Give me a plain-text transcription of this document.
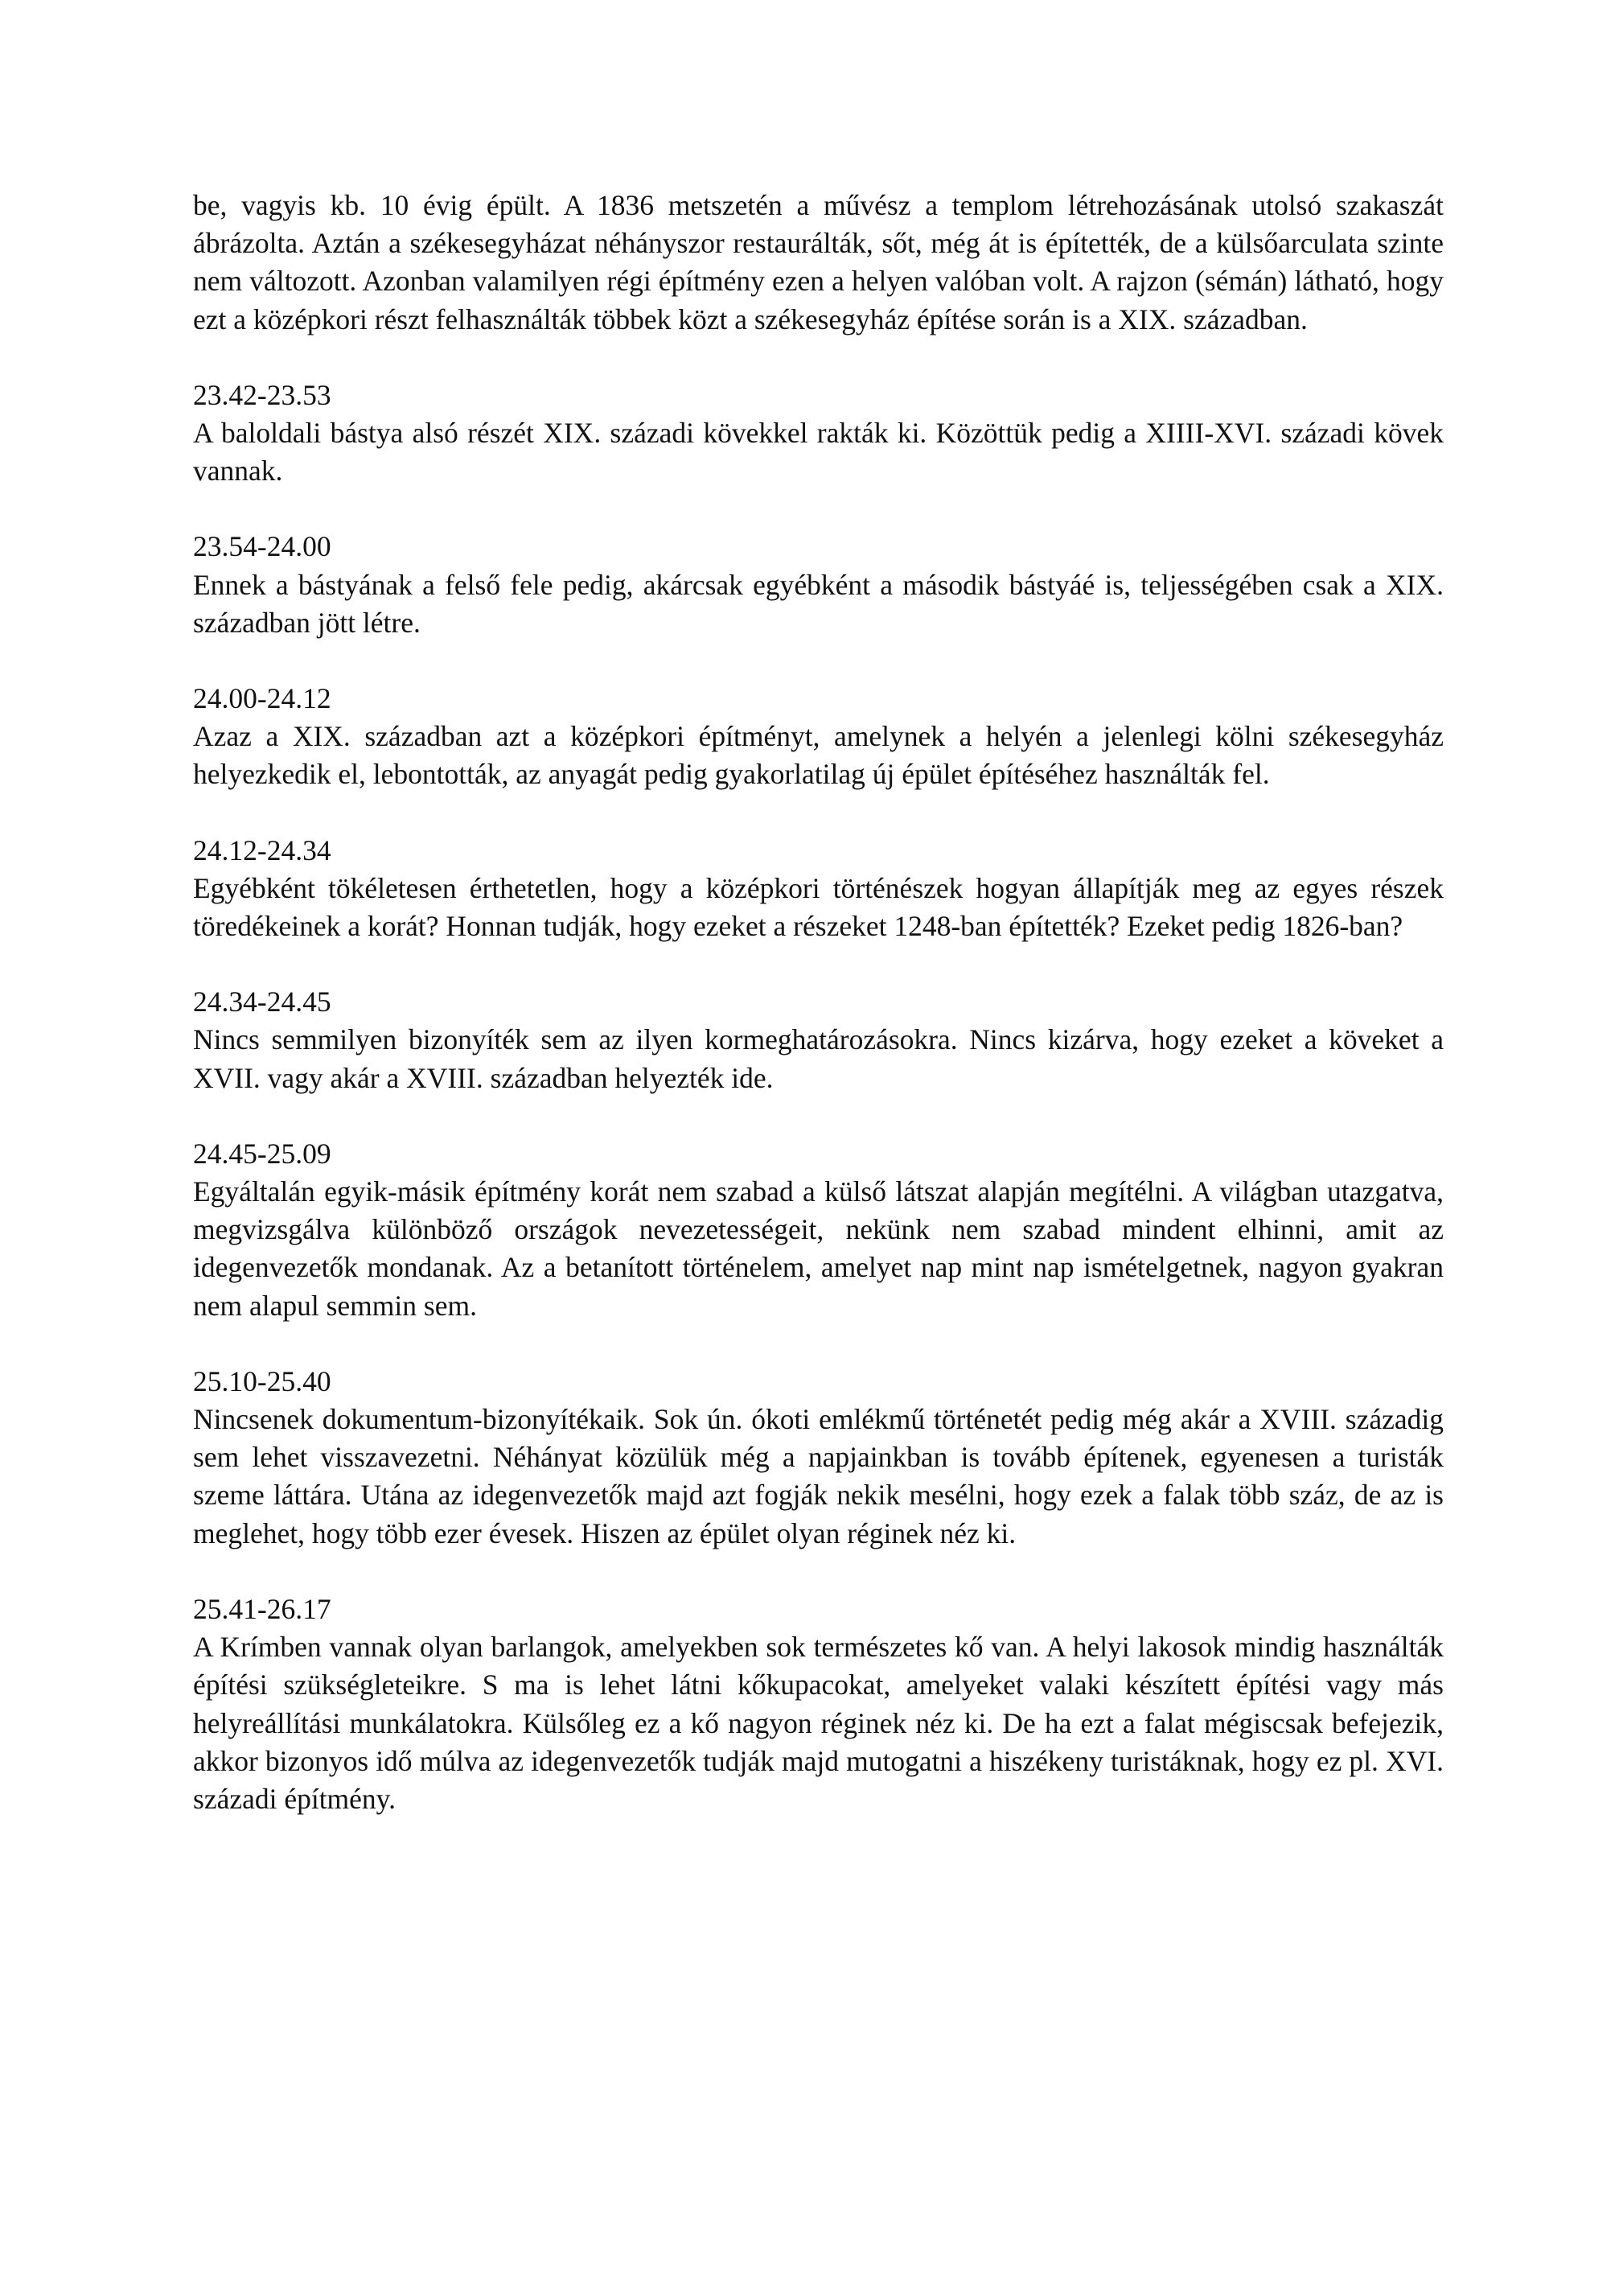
be, vagyis kb. 10 évig épült. A 1836 metszetén a művész a templom létrehozásának utolsó szakaszát ábrázolta. Aztán a székesegyházat néhányszor restaurálták, sőt, még át is építették, de a külsőarculata szinte nem változott. Azonban valamilyen régi építmény ezen a helyen valóban volt. A rajzon (sémán) látható, hogy ezt a középkori részt felhasználták többek közt a székesegyház építése során is a XIX. században.

23.42-23.53
A baloldali bástya alsó részét XIX. századi kövekkel rakták ki. Közöttük pedig a XIIII-XVI. századi kövek vannak.
23.54-24.00
Ennek a bástyának a felső fele pedig, akárcsak egyébként a második bástyáé is, teljességében csak a XIX. században jött létre.
24.00-24.12
Azaz a XIX. században azt a középkori építményt, amelynek a helyén a jelenlegi kölni székesegyház helyezkedik el, lebontották, az anyagát pedig gyakorlatilag új épület építéséhez használták fel.
24.12-24.34
Egyébként tökéletesen érthetetlen, hogy a középkori történészek hogyan állapítják meg az egyes részek töredékeinek a korát? Honnan tudják, hogy ezeket a részeket 1248-ban építették? Ezeket pedig 1826-ban?
24.34-24.45
Nincs semmilyen bizonyíték sem az ilyen kormeghatározásokra. Nincs kizárva, hogy ezeket a köveket a XVII. vagy akár a XVIII. században helyezték ide.
24.45-25.09
Egyáltalán egyik-másik építmény korát nem szabad a külső látszat alapján megítélni. A világban utazgatva, megvizsgálva különböző országok nevezetességeit, nekünk nem szabad mindent elhinni, amit az idegenvezetők mondanak. Az a betanított történelem, amelyet nap mint nap ismételgetnek, nagyon gyakran nem alapul semmin sem.
25.10-25.40
Nincsenek dokumentum-bizonyítékaik. Sok ún. ókoti emlékmű történetét pedig még akár a XVIII. századig sem lehet visszavezetni. Néhányat közülük még a napjainkban is tovább építenek, egyenesen a turisták szeme láttára. Utána az idegenvezetők majd azt fogják nekik mesélni, hogy ezek a falak több száz, de az is meglehet, hogy több ezer évesek. Hiszen az épület olyan réginek néz ki.
25.41-26.17
A Krímben vannak olyan barlangok, amelyekben sok természetes kő van. A helyi lakosok mindig használták építési szükségleteikre. S ma is lehet látni kőkupacokat, amelyeket valaki készített építési vagy más helyreállítási munkálatokra. Külsőleg ez a kő nagyon réginek néz ki. De ha ezt a falat mégiscsak befejezik, akkor bizonyos idő múlva az idegenvezetők tudják majd mutogatni a hiszékeny turistáknak, hogy ez pl. XVI. századi építmény.
